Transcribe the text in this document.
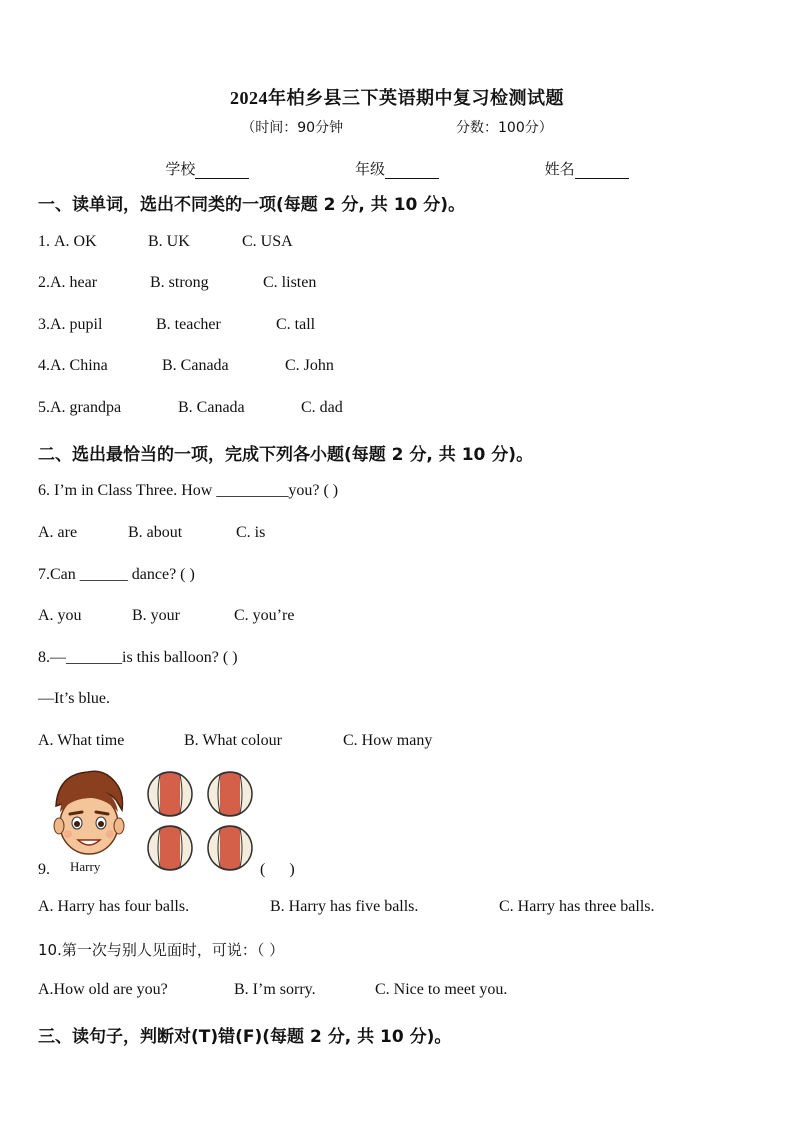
2024年柏乡县三下英语期中复习检测试题
（时间：90分钟	分数：100分）
学校	年级	姓名
一、读单词，选出不同类的一项(每题 2 分, 共 10 分)。
1. A. OK	B. UK	C. USA
2.A. hear	B. strong	C. listen
3.A. pupil	B. teacher	C. tall
4.A. China	B. Canada	C. John
5.A. grandpa	B. Canada	C. dad
二、选出最恰当的一项，完成下列各小题(每题 2 分, 共 10 分)。
6. I’m in Class Three. How _________you? ( )
A. are	B. about	C. is
7.Can ______ dance? ( )
A. you	B. your	C. you’re
8.—_______is this balloon? ( )
—It’s blue.
A. What time	B. What colour	C. How many
Harry
9.	(      )
A. Harry has four balls.	B. Harry has five balls.	C. Harry has three balls.
10.第一次与别人见面时，可说：（ ）
A.How old are you?	B. I’m sorry.	C. Nice to meet you.
三、读句子，判断对(T)错(F)(每题 2 分, 共 10 分)。
